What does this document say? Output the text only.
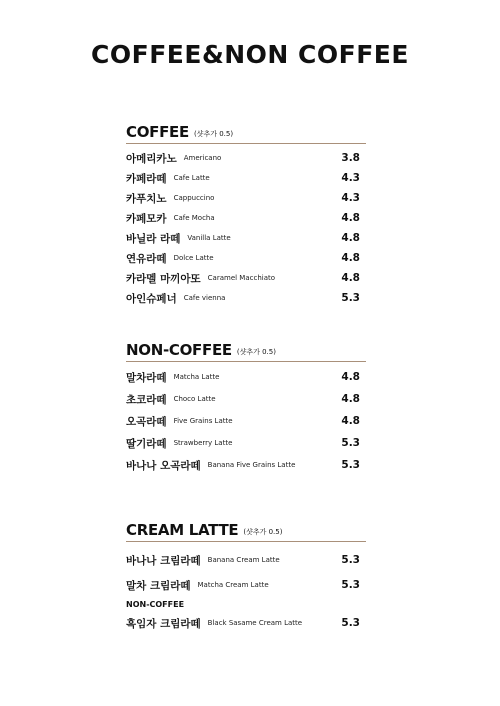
COFFEE&NON COFFEE
COFFEE (샷추가 0.5)
아메리카노 Americano	3.8
카페라떼 Cafe Latte	4.3
카푸치노 Cappuccino	4.3
카페모카 Cafe Mocha	4.8
바닐라 라떼 Vanilla Latte	4.8
연유라떼 Dolce Latte	4.8
카라멜 마끼아또 Caramel Macchiato	4.8
아인슈페너 Cafe vienna	5.3
NON-COFFEE (샷추가 0.5)
말차라떼 Matcha Latte	4.8
초코라떼 Choco Latte	4.8
오곡라떼 Five Grains Latte	4.8
딸기라떼 Strawberry Latte	5.3
바나나 오곡라떼 Banana Five Grains Latte	5.3
CREAM LATTE (샷추가 0.5)
바나나 크림라떼 Banana Cream Latte	5.3
말차 크림라떼 Matcha Cream Latte	5.3
NON-COFFEE
흑임자 크림라떼 Black Sasame Cream Latte	5.3
